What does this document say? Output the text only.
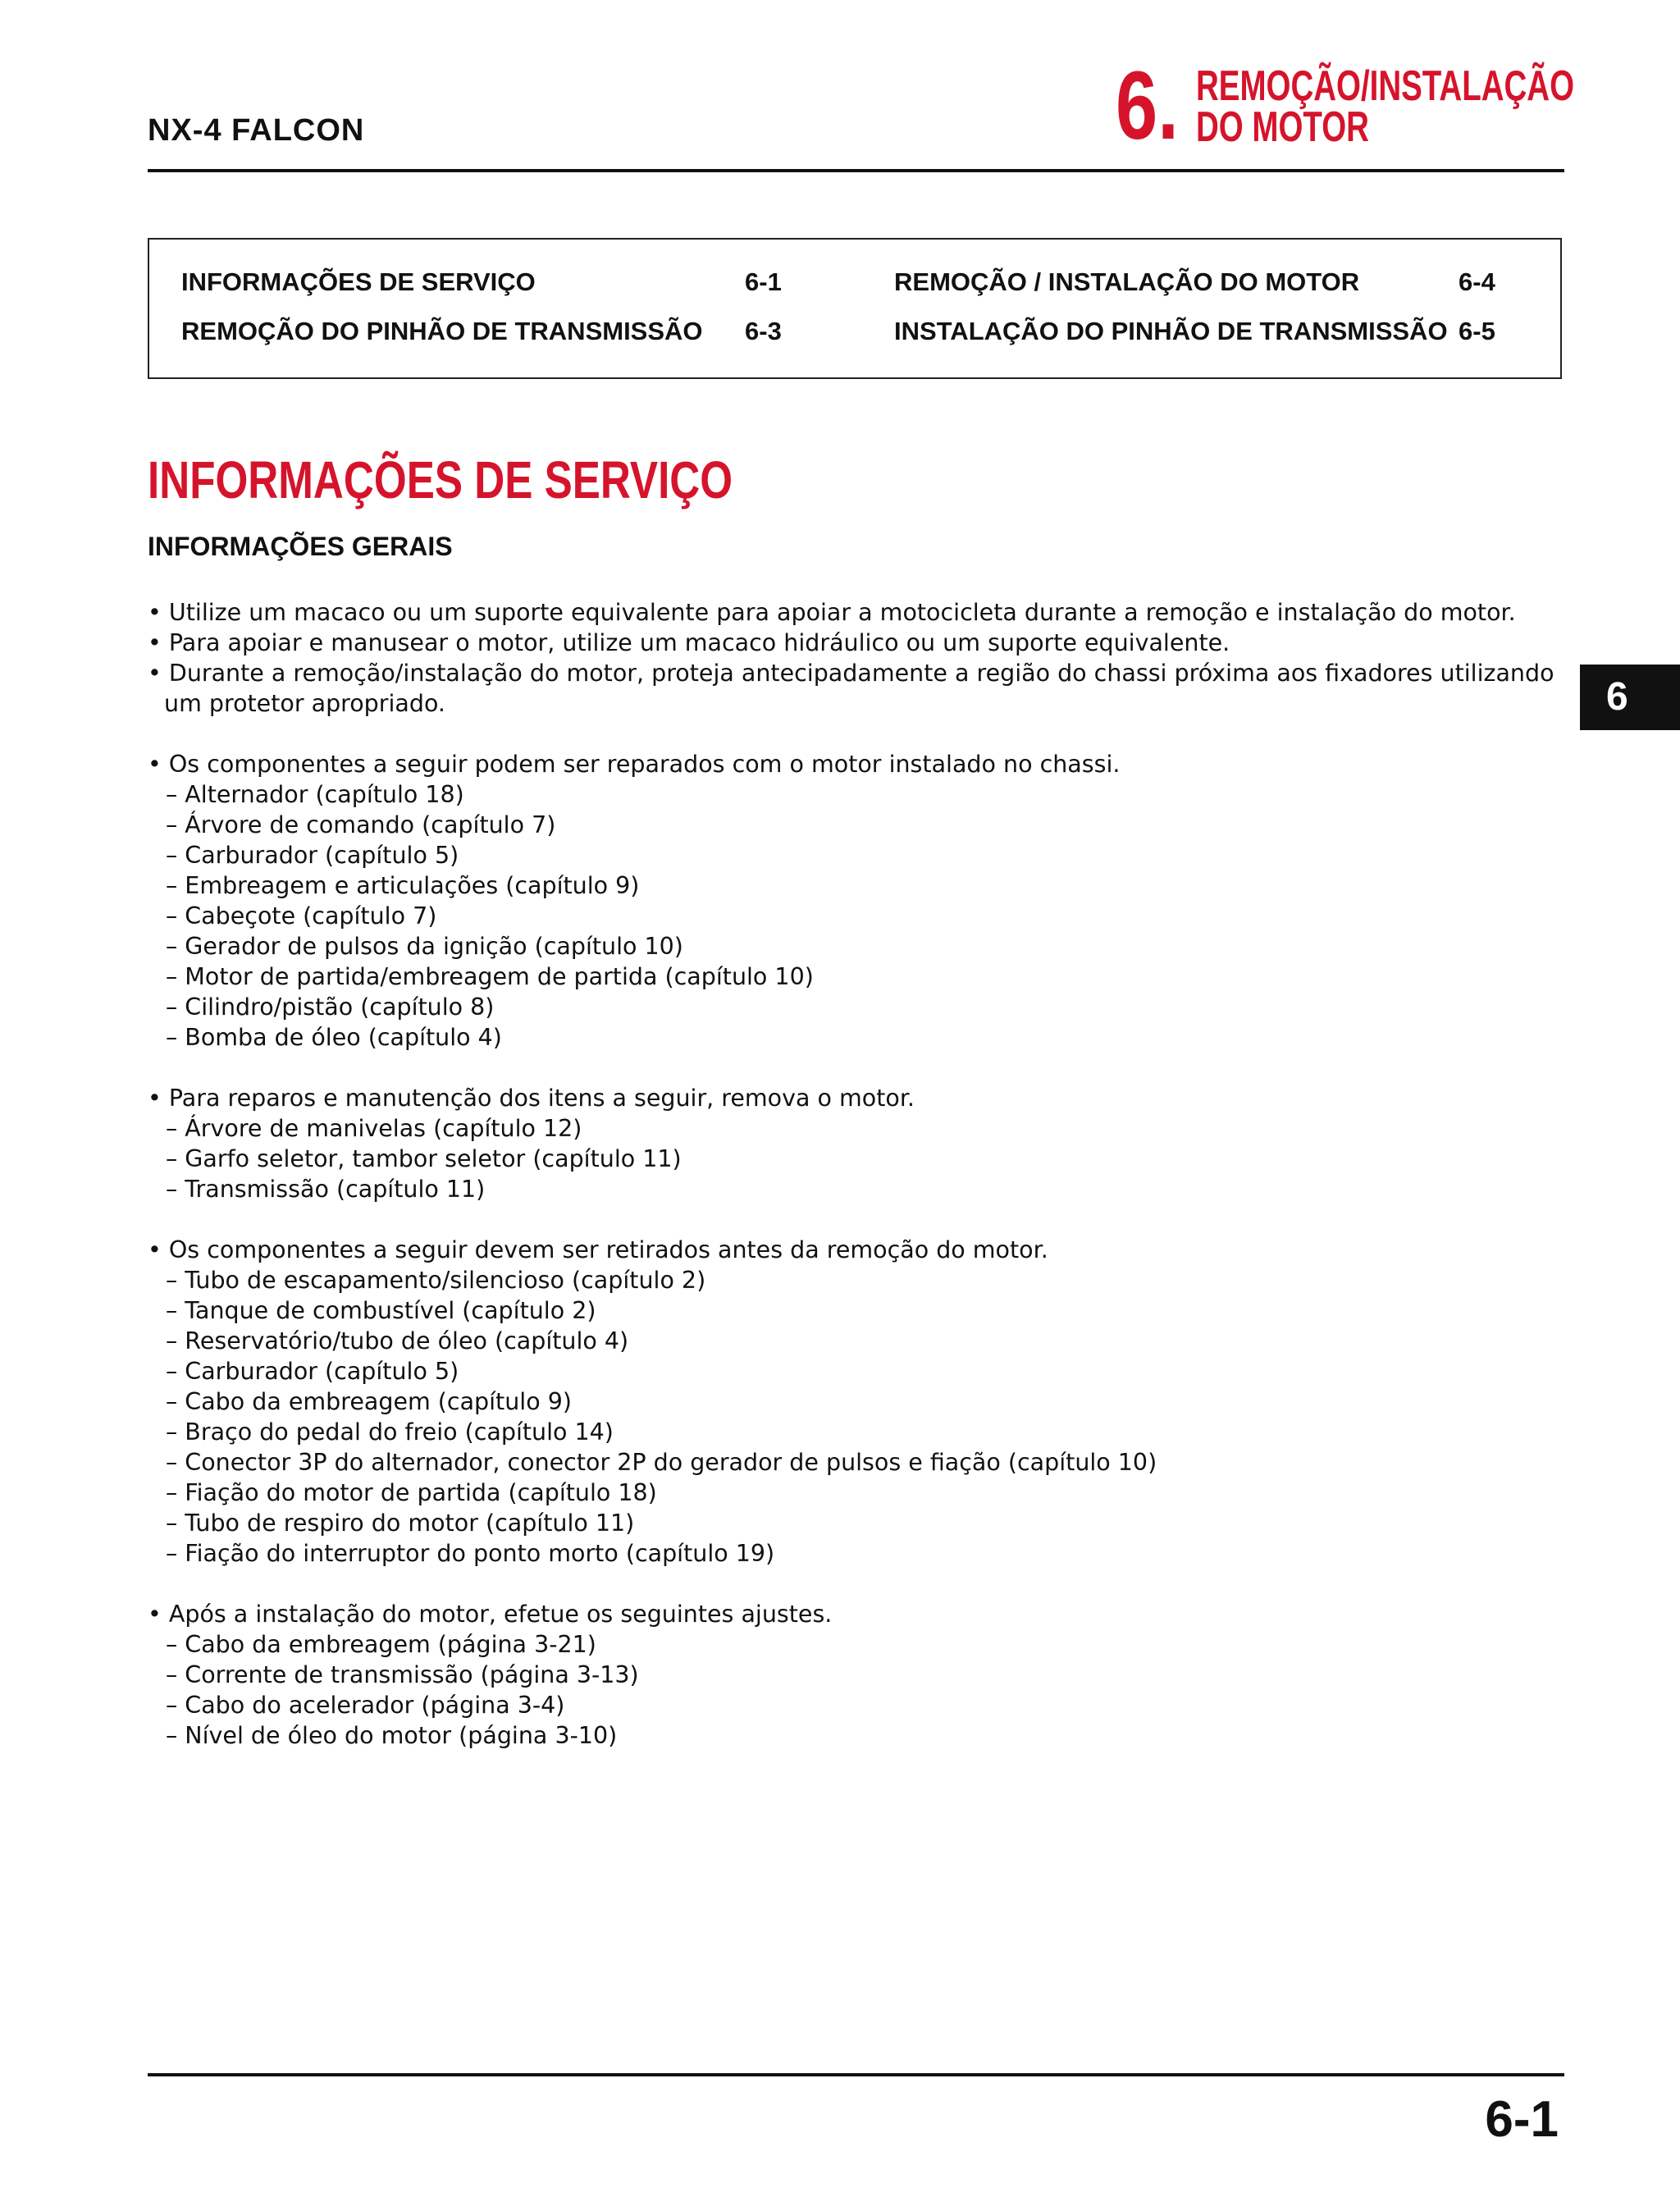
NX-4 FALCON	6. REMOÇÃO/INSTALAÇÃO
DO MOTOR
INFORMAÇÕES DE SERVIÇO	6-1
REMOÇÃO DO PINHÃO DE TRANSMISSÃO 6-3
REMOÇÃO / INSTALAÇÃO DO MOTOR	6-4
INSTALAÇÃO DO PINHÃO DE TRANSMISSÃO 6-5
INFORMAÇÕES DE SERVIÇO
INFORMAÇÕES GERAIS
• Utilize um macaco ou um suporte equivalente para apoiar a motocicleta durante a remoção e instalação do motor.
• Para apoiar e manusear o motor, utilize um macaco hidráulico ou um suporte equivalente.
• Durante a remoção/instalação do motor, proteja antecipadamente a região do chassi próxima aos fixadores utilizando
um protetor apropriado.
• Os componentes a seguir podem ser reparados com o motor instalado no chassi.
– Alternador (capítulo 18)
– Árvore de comando (capítulo 7)
– Carburador (capítulo 5)
– Embreagem e articulações (capítulo 9)
– Cabeçote (capítulo 7)
– Gerador de pulsos da ignição (capítulo 10)
– Motor de partida/embreagem de partida (capítulo 10)
– Cilindro/pistão (capítulo 8)
– Bomba de óleo (capítulo 4)
• Para reparos e manutenção dos itens a seguir, remova o motor.
– Árvore de manivelas (capítulo 12)
– Garfo seletor, tambor seletor (capítulo 11)
– Transmissão (capítulo 11)
• Os componentes a seguir devem ser retirados antes da remoção do motor.
– Tubo de escapamento/silencioso (capítulo 2)
– Tanque de combustível (capítulo 2)
– Reservatório/tubo de óleo (capítulo 4)
– Carburador (capítulo 5)
– Cabo da embreagem (capítulo 9)
– Braço do pedal do freio (capítulo 14)
– Conector 3P do alternador, conector 2P do gerador de pulsos e fiação (capítulo 10)
– Fiação do motor de partida (capítulo 18)
– Tubo de respiro do motor (capítulo 11)
– Fiação do interruptor do ponto morto (capítulo 19)
• Após a instalação do motor, efetue os seguintes ajustes.
– Cabo da embreagem (página 3-21)
– Corrente de transmissão (página 3-13)
– Cabo do acelerador (página 3-4)
– Nível de óleo do motor (página 3-10)
6
6-1
